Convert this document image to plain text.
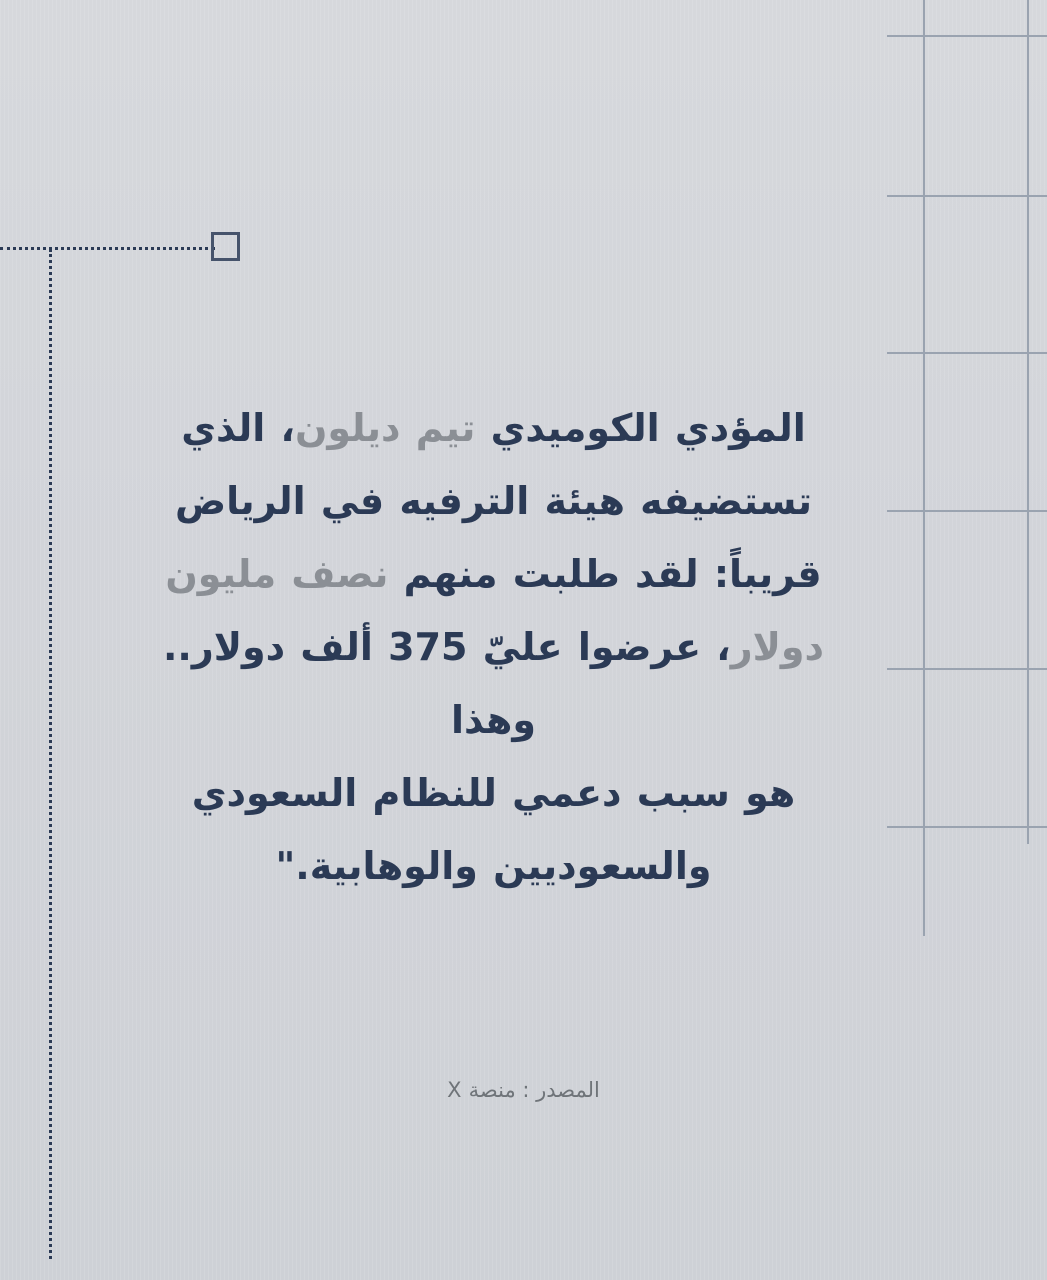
المؤدي الكوميدي تيم ديلون، الذي
تستضيفه هيئة الترفيه في الرياض
قريباً: لقد طلبت منهم نصف مليون
دولار، عرضوا عليّ 375 ألف دولار.. وهذا
هو سبب دعمي للنظام السعودي
والسعوديين والوهابية."
المصدر : منصة X
